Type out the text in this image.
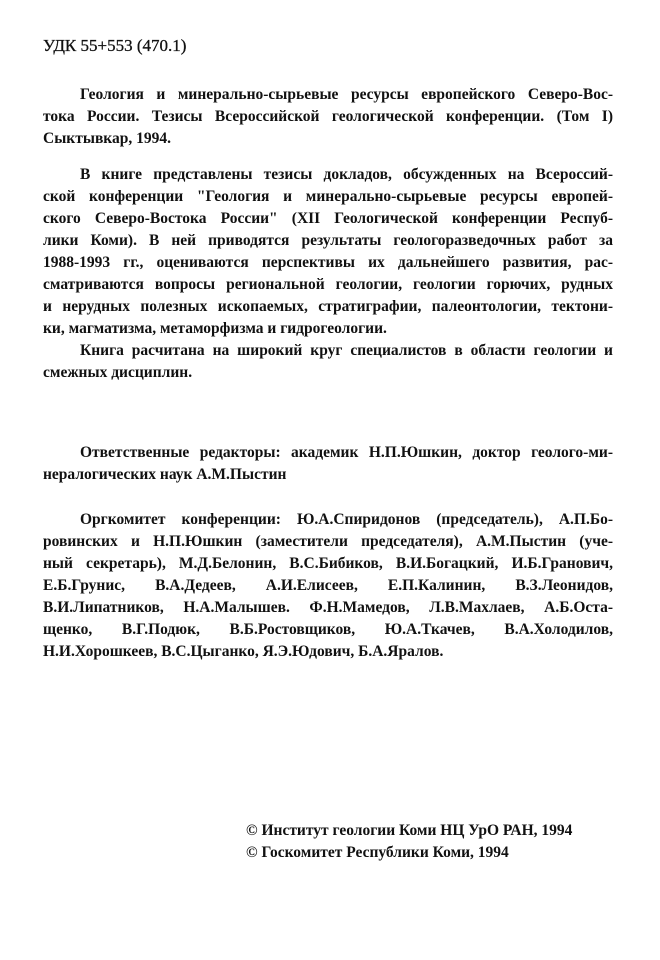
УДК 55+553 (470.1)
Геология и минерально-сырьевые ресурсы европейского Северо-Вос-
тока России. Тезисы Всероссийской геологической конференции. (Том I)
Сыктывкар, 1994.
В книге представлены тезисы докладов, обсужденных на Всероссий-
ской конференции "Геология и минерально-сырьевые ресурсы европей-
ского Северо-Востока России" (XII Геологической конференции Респуб-
лики Коми). В ней приводятся результаты геологоразведочных работ за
1988-1993 гг., оцениваются перспективы их дальнейшего развития, рас-
сматриваются вопросы региональной геологии, геологии горючих, рудных
и нерудных полезных ископаемых, стратиграфии, палеонтологии, тектони-
ки, магматизма, метаморфизма и гидрогеологии.
Книга расчитана на широкий круг специалистов в области геологии и
смежных дисциплин.
Ответственные редакторы: академик Н.П.Юшкин, доктор геолого-ми-
нералогических наук А.М.Пыстин
Оргкомитет конференции: Ю.А.Спиридонов (председатель), А.П.Бо-
ровинских и Н.П.Юшкин (заместители председателя), А.М.Пыстин (уче-
ный секретарь), М.Д.Белонин, В.С.Бибиков, В.И.Богацкий, И.Б.Гранович,
Е.Б.Грунис, В.А.Дедеев, А.И.Елисеев, Е.П.Калинин, В.З.Леонидов,
В.И.Липатников, Н.А.Малышев. Ф.Н.Мамедов, Л.В.Махлаев, А.Б.Оста-
щенко, В.Г.Подюк, В.Б.Ростовщиков, Ю.А.Ткачев, В.А.Холодилов,
Н.И.Хорошкеев, В.С.Цыганко, Я.Э.Юдович, Б.А.Яралов.
© Институт геологии Коми НЦ УрО РАН, 1994
© Госкомитет Республики Коми, 1994
